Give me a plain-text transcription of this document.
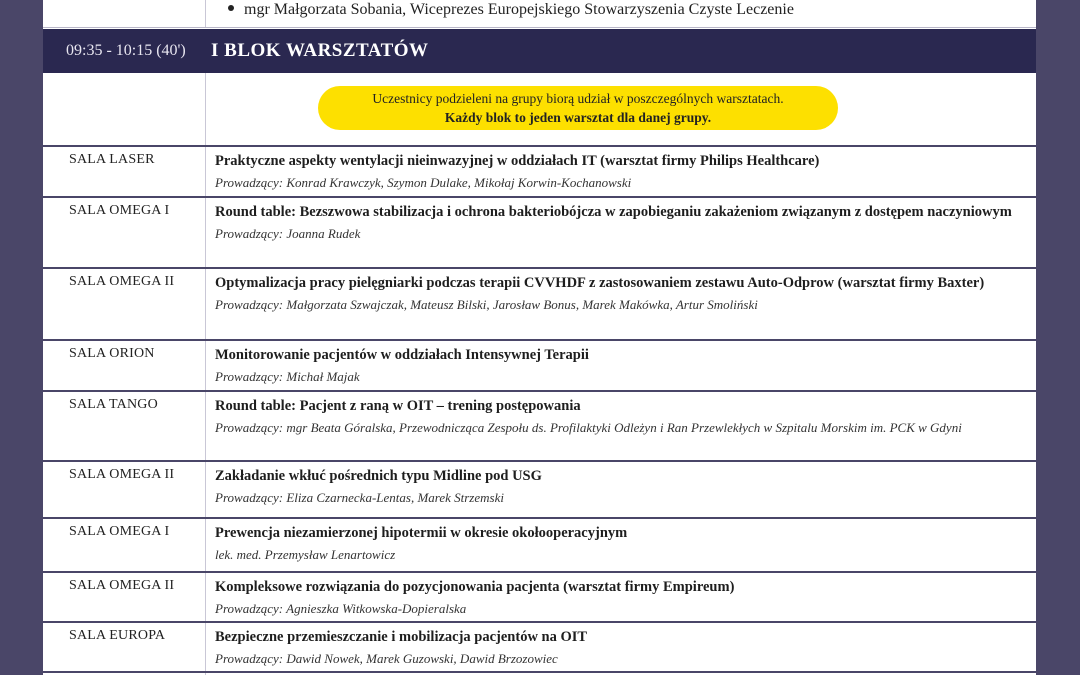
mgr Małgorzata Sobania, Wiceprezes Europejskiego Stowarzyszenia Czyste Leczenie
09:35 - 10:15 (40') I BLOK WARSZTATÓW
Uczestnicy podzieleni na grupy biorą udział w poszczególnych warsztatach.
Każdy blok to jeden warsztat dla danej grupy.
SALA LASER	Praktyczne aspekty wentylacji nieinwazyjnej w oddziałach IT (warsztat firmy Philips Healthcare)
Prowadzący: Konrad Krawczyk, Szymon Dulake, Mikołaj Korwin-Kochanowski
SALA OMEGA I	Round table: Bezszwowa stabilizacja i ochrona bakteriobójcza w zapobieganiu zakażeniom związanym z dostępem naczyniowym
Prowadzący: Joanna Rudek
SALA OMEGA II	Optymalizacja pracy pielęgniarki podczas terapii CVVHDF z zastosowaniem zestawu Auto-Odprow (warsztat firmy Baxter)
Prowadzący: Małgorzata Szwajczak, Mateusz Bilski, Jarosław Bonus, Marek Makówka, Artur Smoliński
SALA ORION	Monitorowanie pacjentów w oddziałach Intensywnej Terapii
Prowadzący: Michał Majak
SALA TANGO	Round table: Pacjent z raną w OIT – trening postępowania
Prowadzący: mgr Beata Góralska, Przewodnicząca Zespołu ds. Profilaktyki Odleżyn i Ran Przewlekłych w Szpitalu Morskim im. PCK w Gdyni
SALA OMEGA II	Zakładanie wkłuć pośrednich typu Midline pod USG
Prowadzący: Eliza Czarnecka-Lentas, Marek Strzemski
SALA OMEGA I	Prewencja niezamierzonej hipotermii w okresie okołooperacyjnym
lek. med. Przemysław Lenartowicz
SALA OMEGA II	Kompleksowe rozwiązania do pozycjonowania pacjenta (warsztat firmy Empireum)
Prowadzący: Agnieszka Witkowska-Dopieralska
SALA EUROPA	Bezpieczne przemieszczanie i mobilizacja pacjentów na OIT
Prowadzący: Dawid Nowek, Marek Guzowski, Dawid Brzozowiec
